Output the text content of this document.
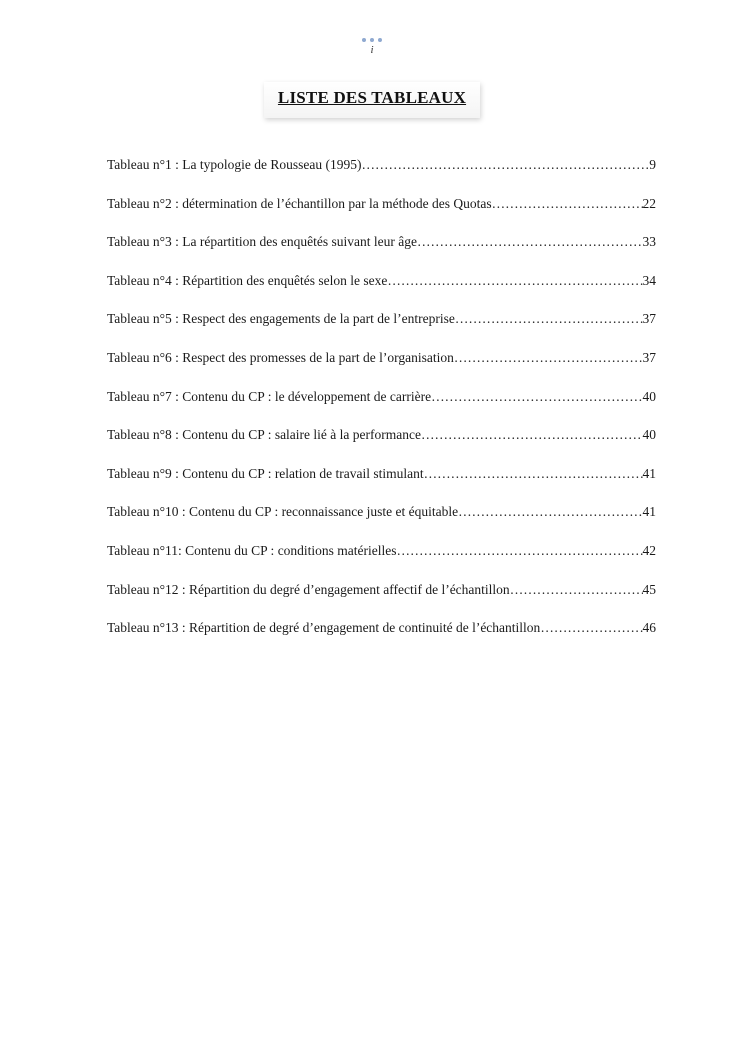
i
LISTE DES TABLEAUX
Tableau n°1 : La typologie de Rousseau (1995) …………………………………………………………………………………………………………………………………………………………………………	9
Tableau n°2 : détermination de l’échantillon par la méthode des Quotas …………………………………………………………………………………………………………………………………………………………………………	22
Tableau n°3 : La répartition des enquêtés suivant leur âge …………………………………………………………………………………………………………………………………………………………………………	33
Tableau n°4 : Répartition des enquêtés selon le sexe …………………………………………………………………………………………………………………………………………………………………………	34
Tableau n°5 : Respect des engagements de la part de l’entreprise …………………………………………………………………………………………………………………………………………………………………………	37
Tableau n°6 : Respect des promesses de la part de l’organisation …………………………………………………………………………………………………………………………………………………………………………	37
Tableau n°7 : Contenu du CP : le développement de carrière …………………………………………………………………………………………………………………………………………………………………………	40
Tableau n°8 : Contenu du CP : salaire lié à la performance …………………………………………………………………………………………………………………………………………………………………………	40
Tableau n°9 : Contenu du CP : relation de travail stimulant …………………………………………………………………………………………………………………………………………………………………………	41
Tableau n°10 : Contenu du CP : reconnaissance juste et équitable …………………………………………………………………………………………………………………………………………………………………………	41
Tableau n°11: Contenu du CP : conditions matérielles …………………………………………………………………………………………………………………………………………………………………………	42
Tableau n°12 : Répartition du degré d’engagement affectif de l’échantillon …………………………………………………………………………………………………………………………………………………………………………	45
Tableau n°13 : Répartition de degré d’engagement de continuité de l’échantillon …………………………………………………………………………………………………………………………………………………………………………	46
